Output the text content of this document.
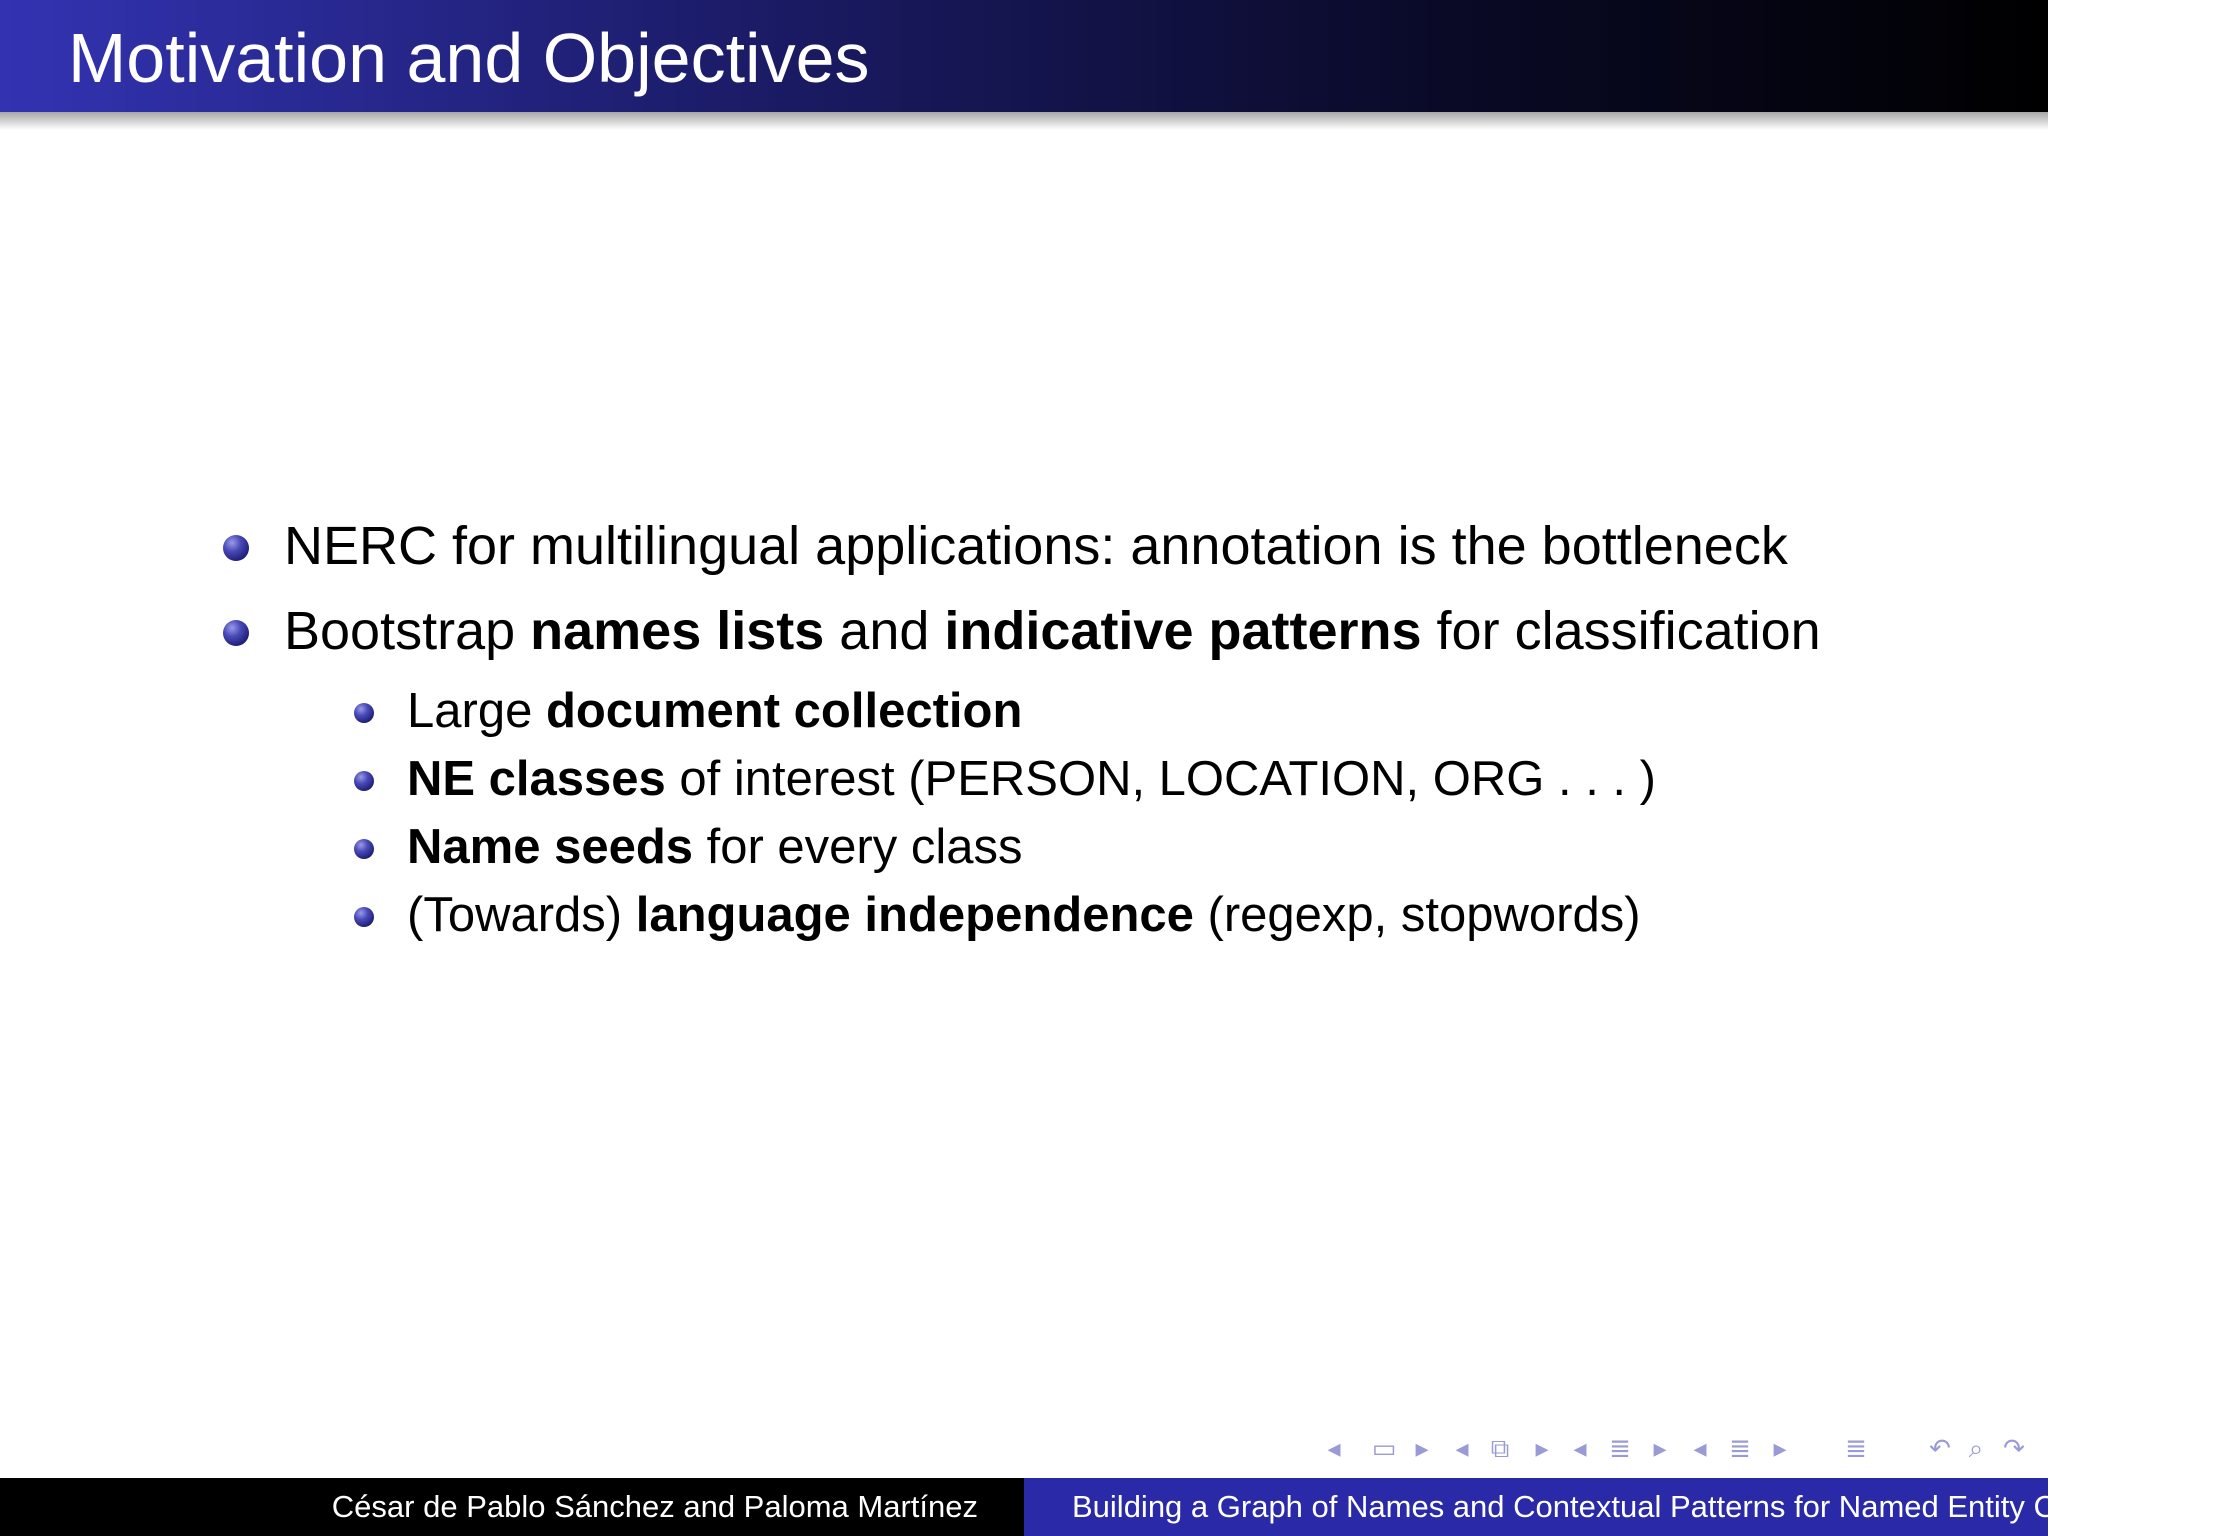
Motivation and Objectives
NERC for multilingual applications: annotation is the bottleneck
Bootstrap names lists and indicative patterns for classification
Large document collection
NE classes of interest (PERSON, LOCATION, ORG . . . )
Name seeds for every class
(Towards) language independence (regexp, stopwords)
◂ ▭ ▸ ◂ ⧉ ▸ ◂ ≣ ▸ ◂ ≣ ▸ ≣ ↶ ⌕ ↷
César de Pablo Sánchez and Paloma Martínez	Building a Graph of Names and Contextual Patterns for Named Entity Classification
